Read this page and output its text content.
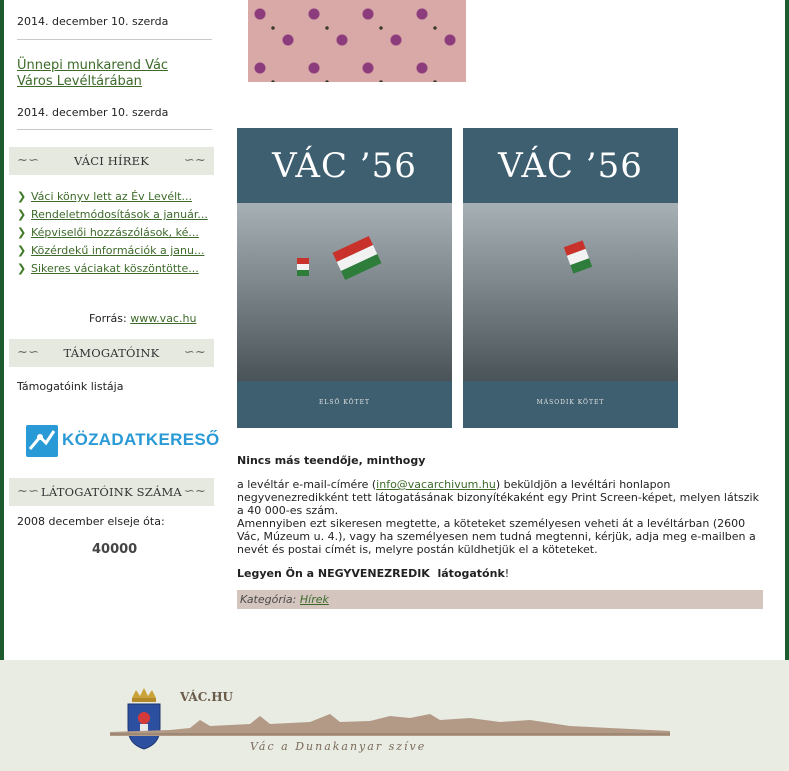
2014. december 10. szerda
Ünnepi munkarend Vác Város Levéltárában
2014. december 10. szerda
~∽	VÁCI HÍREK	∽~
❯ Váci könyv lett az Év Levélt...
❯ Rendeletmódosítások a január...
❯ Képviselői hozzászólások, ké...
❯ Közérdekű információk a janu...
❯ Sikeres váciakat köszöntötte...
Forrás: www.vac.hu
~∽ TÁMOGATÓINK ∽~
Támogatóink listája
KÖZADATKERESŐ
~∽ LÁTOGATÓINK SZÁMA ∽~
2008 december elseje óta:
40000
VÁC ’56
ELSŐ KÖTET
VÁC ’56
MÁSODIK KÖTET
Nincs más teendője, minthogy
a levéltár e-mail-címére (info@vacarchivum.hu) beküldjön a levéltári honlapon negyvenezredikként tett látogatásának bizonyítékaként egy Print Screen-képet, melyen látszik a 40 000-es szám.
Amennyiben ezt sikeresen megtette, a köteteket személyesen veheti át a levéltárban (2600 Vác, Múzeum u. 4.), vagy ha személyesen nem tudná megtenni, kérjük, adja meg e-mailben a nevét és postai címét is, melyre postán küldhetjük el a köteteket.
Legyen Ön a NEGYVENEZREDIK  látogatónk!
Kategória: Hírek
VÁC.HU
Vác a Dunakanyar szíve
